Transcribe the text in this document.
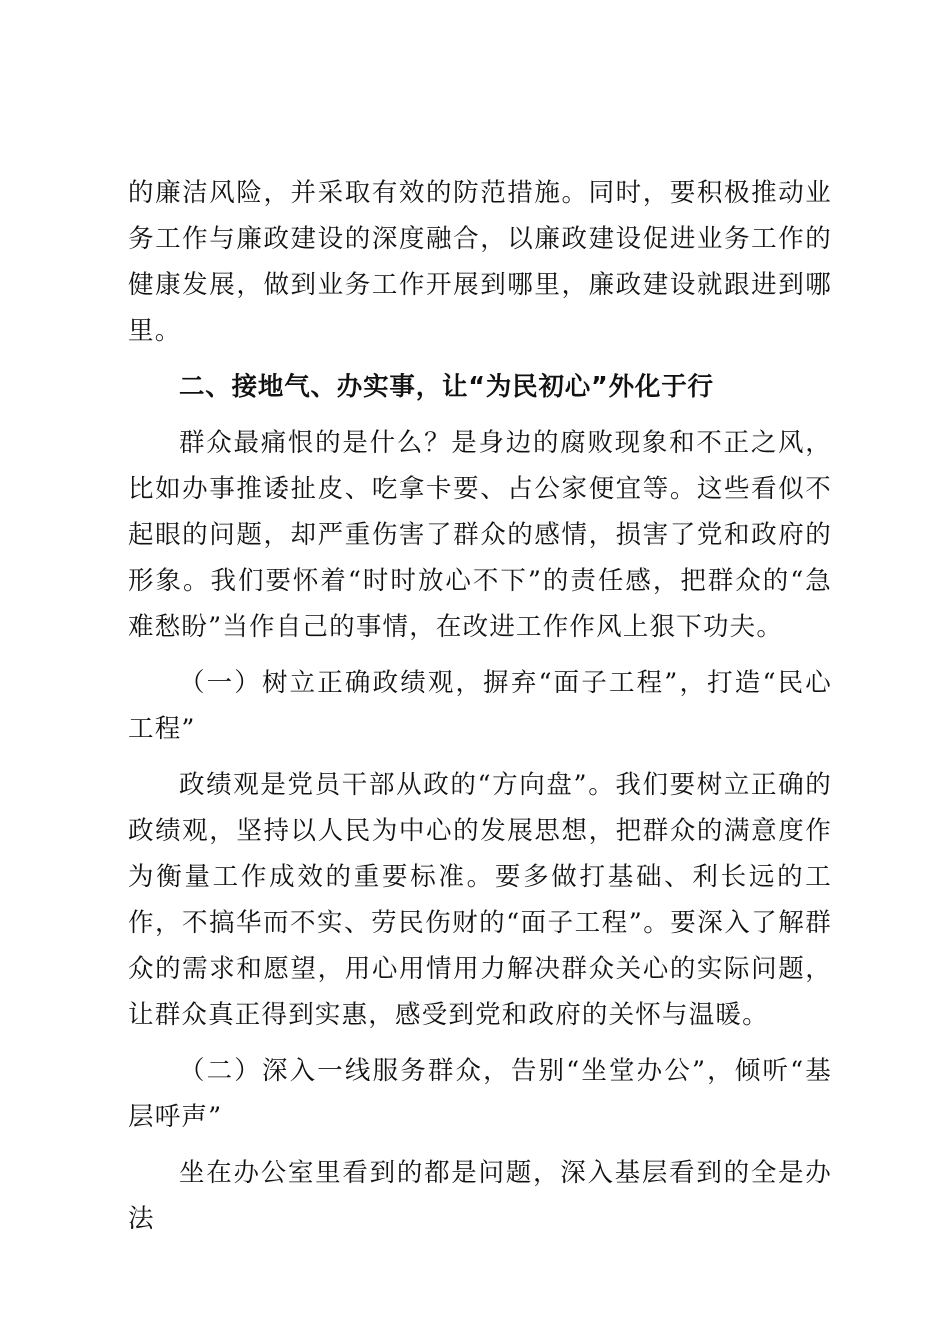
的廉洁风险，并采取有效的防范措施。同时，要积极推动业务工作与廉政建设的深度融合，以廉政建设促进业务工作的健康发展，做到业务工作开展到哪里，廉政建设就跟进到哪里。

二、接地气、办实事，让“为民初心”外化于行

群众最痛恨的是什么？是身边的腐败现象和不正之风，比如办事推诿扯皮、吃拿卡要、占公家便宜等。这些看似不起眼的问题，却严重伤害了群众的感情，损害了党和政府的形象。我们要怀着“时时放心不下”的责任感，把群众的“急难愁盼”当作自己的事情，在改进工作作风上狠下功夫。

（一）树立正确政绩观，摒弃“面子工程”，打造“民心工程”

政绩观是党员干部从政的“方向盘”。我们要树立正确的政绩观，坚持以人民为中心的发展思想，把群众的满意度作为衡量工作成效的重要标准。要多做打基础、利长远的工作，不搞华而不实、劳民伤财的“面子工程”。要深入了解群众的需求和愿望，用心用情用力解决群众关心的实际问题，让群众真正得到实惠，感受到党和政府的关怀与温暖。

（二）深入一线服务群众，告别“坐堂办公”，倾听“基层呼声”

坐在办公室里看到的都是问题，深入基层看到的全是办法
